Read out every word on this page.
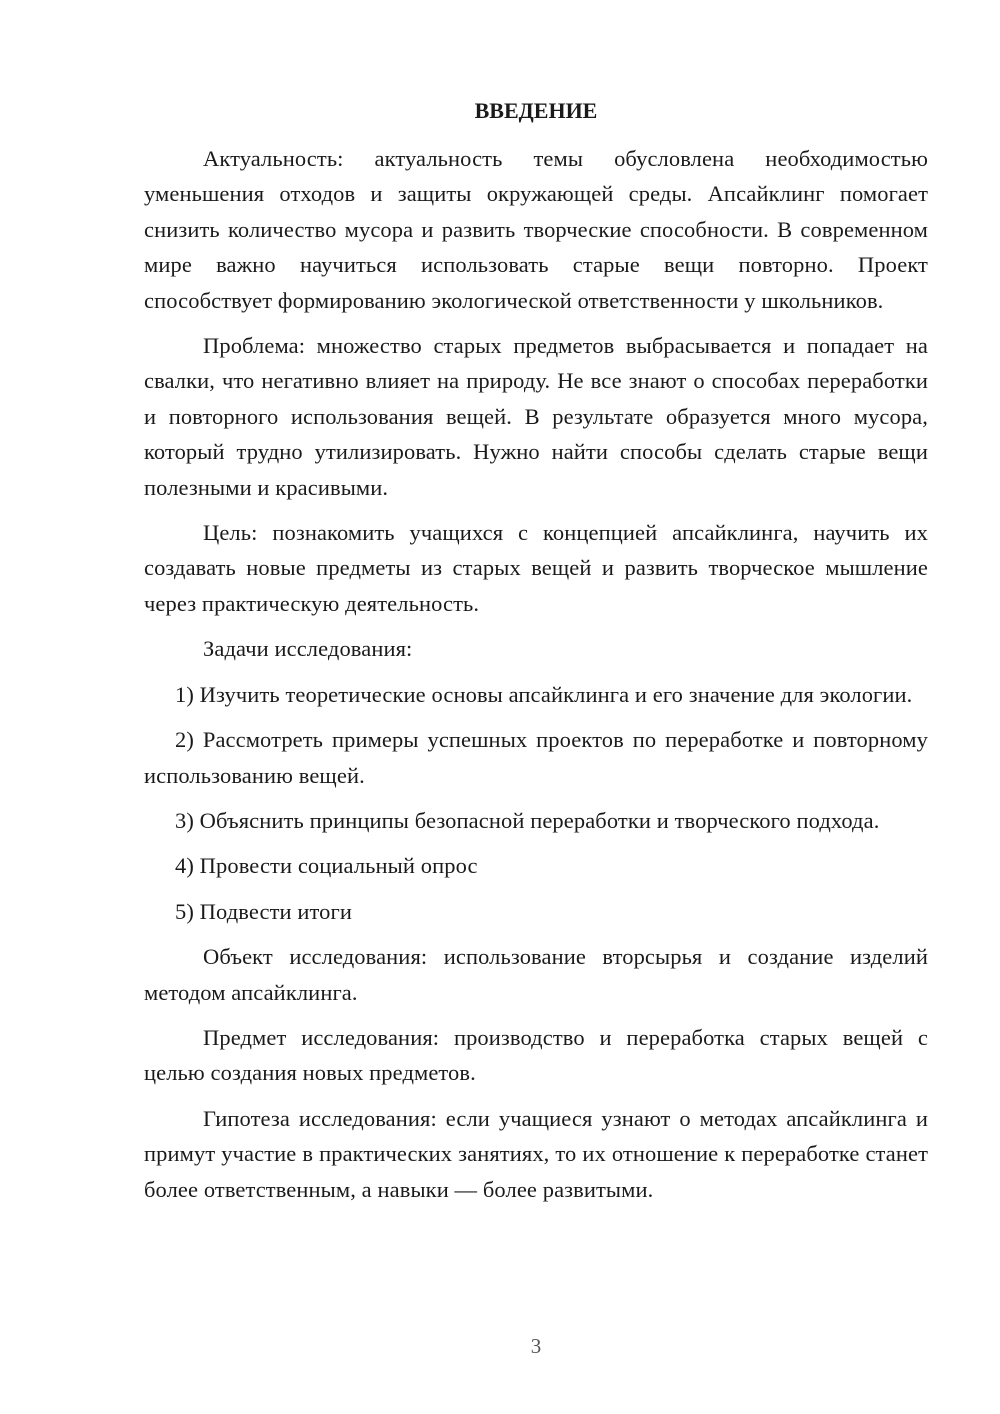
ВВЕДЕНИЕ

Актуальность: актуальность темы обусловлена необходимостью уменьшения отходов и защиты окружающей среды. Апсайклинг помогает снизить количество мусора и развить творческие способности. В современном мире важно научиться использовать старые вещи повторно. Проект способствует формированию экологической ответственности у школьников.

Проблема: множество старых предметов выбрасывается и попадает на свалки, что негативно влияет на природу. Не все знают о способах переработки и повторного использования вещей. В результате образуется много мусора, который трудно утилизировать. Нужно найти способы сделать старые вещи полезными и красивыми.

Цель: познакомить учащихся с концепцией апсайклинга, научить их создавать новые предметы из старых вещей и развить творческое мышление через практическую деятельность.

Задачи исследования:

1) Изучить теоретические основы апсайклинга и его значение для экологии.

2) Рассмотреть примеры успешных проектов по переработке и повторному использованию вещей.

3) Объяснить принципы безопасной переработки и творческого подхода.

4) Провести социальный опрос

5) Подвести итоги

Объект исследования: использование вторсырья и создание изделий методом апсайклинга.

Предмет исследования: производство и переработка старых вещей с целью создания новых предметов.

Гипотеза исследования: если учащиеся узнают о методах апсайклинга и примут участие в практических занятиях, то их отношение к переработке станет более ответственным, а навыки — более развитыми.

3
